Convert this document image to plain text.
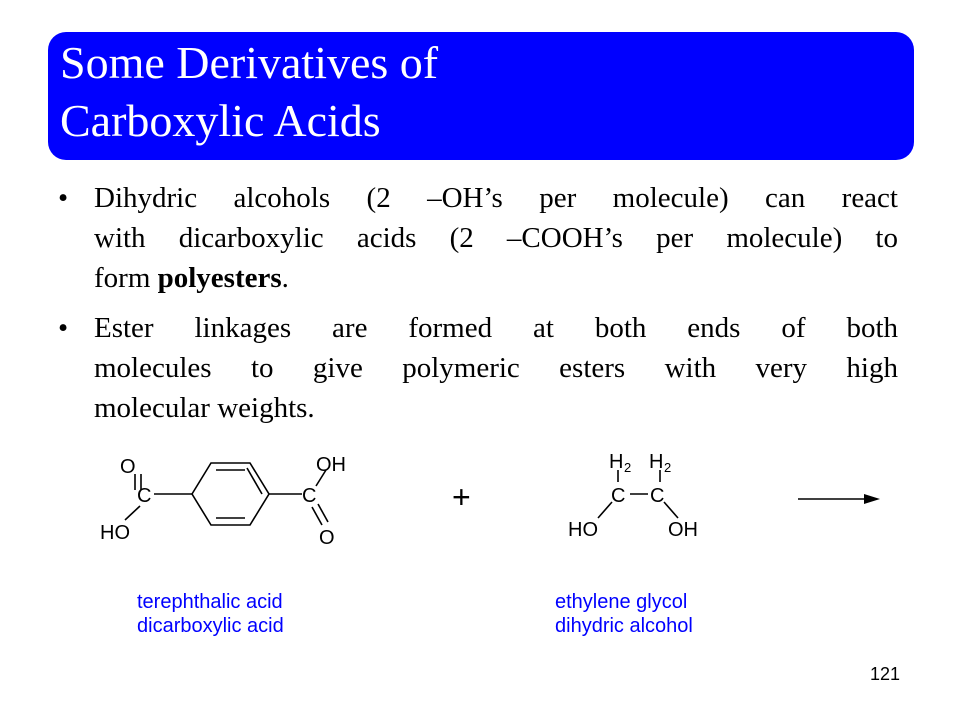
Some Derivatives of
Carboxylic Acids
• Dihydric alcohols (2 –OH’s per molecule) can react
with dicarboxylic acids (2 –COOH’s per molecule) to
form polyesters.
• Ester linkages are formed at both ends of both
molecules to give polymeric esters with very high
molecular weights.
O	OH
C	C
HO	O
+
H 2 H 2
C C
HO	OH
terephthalic acid
dicarboxylic acid
ethylene glycol
dihydric alcohol
121
